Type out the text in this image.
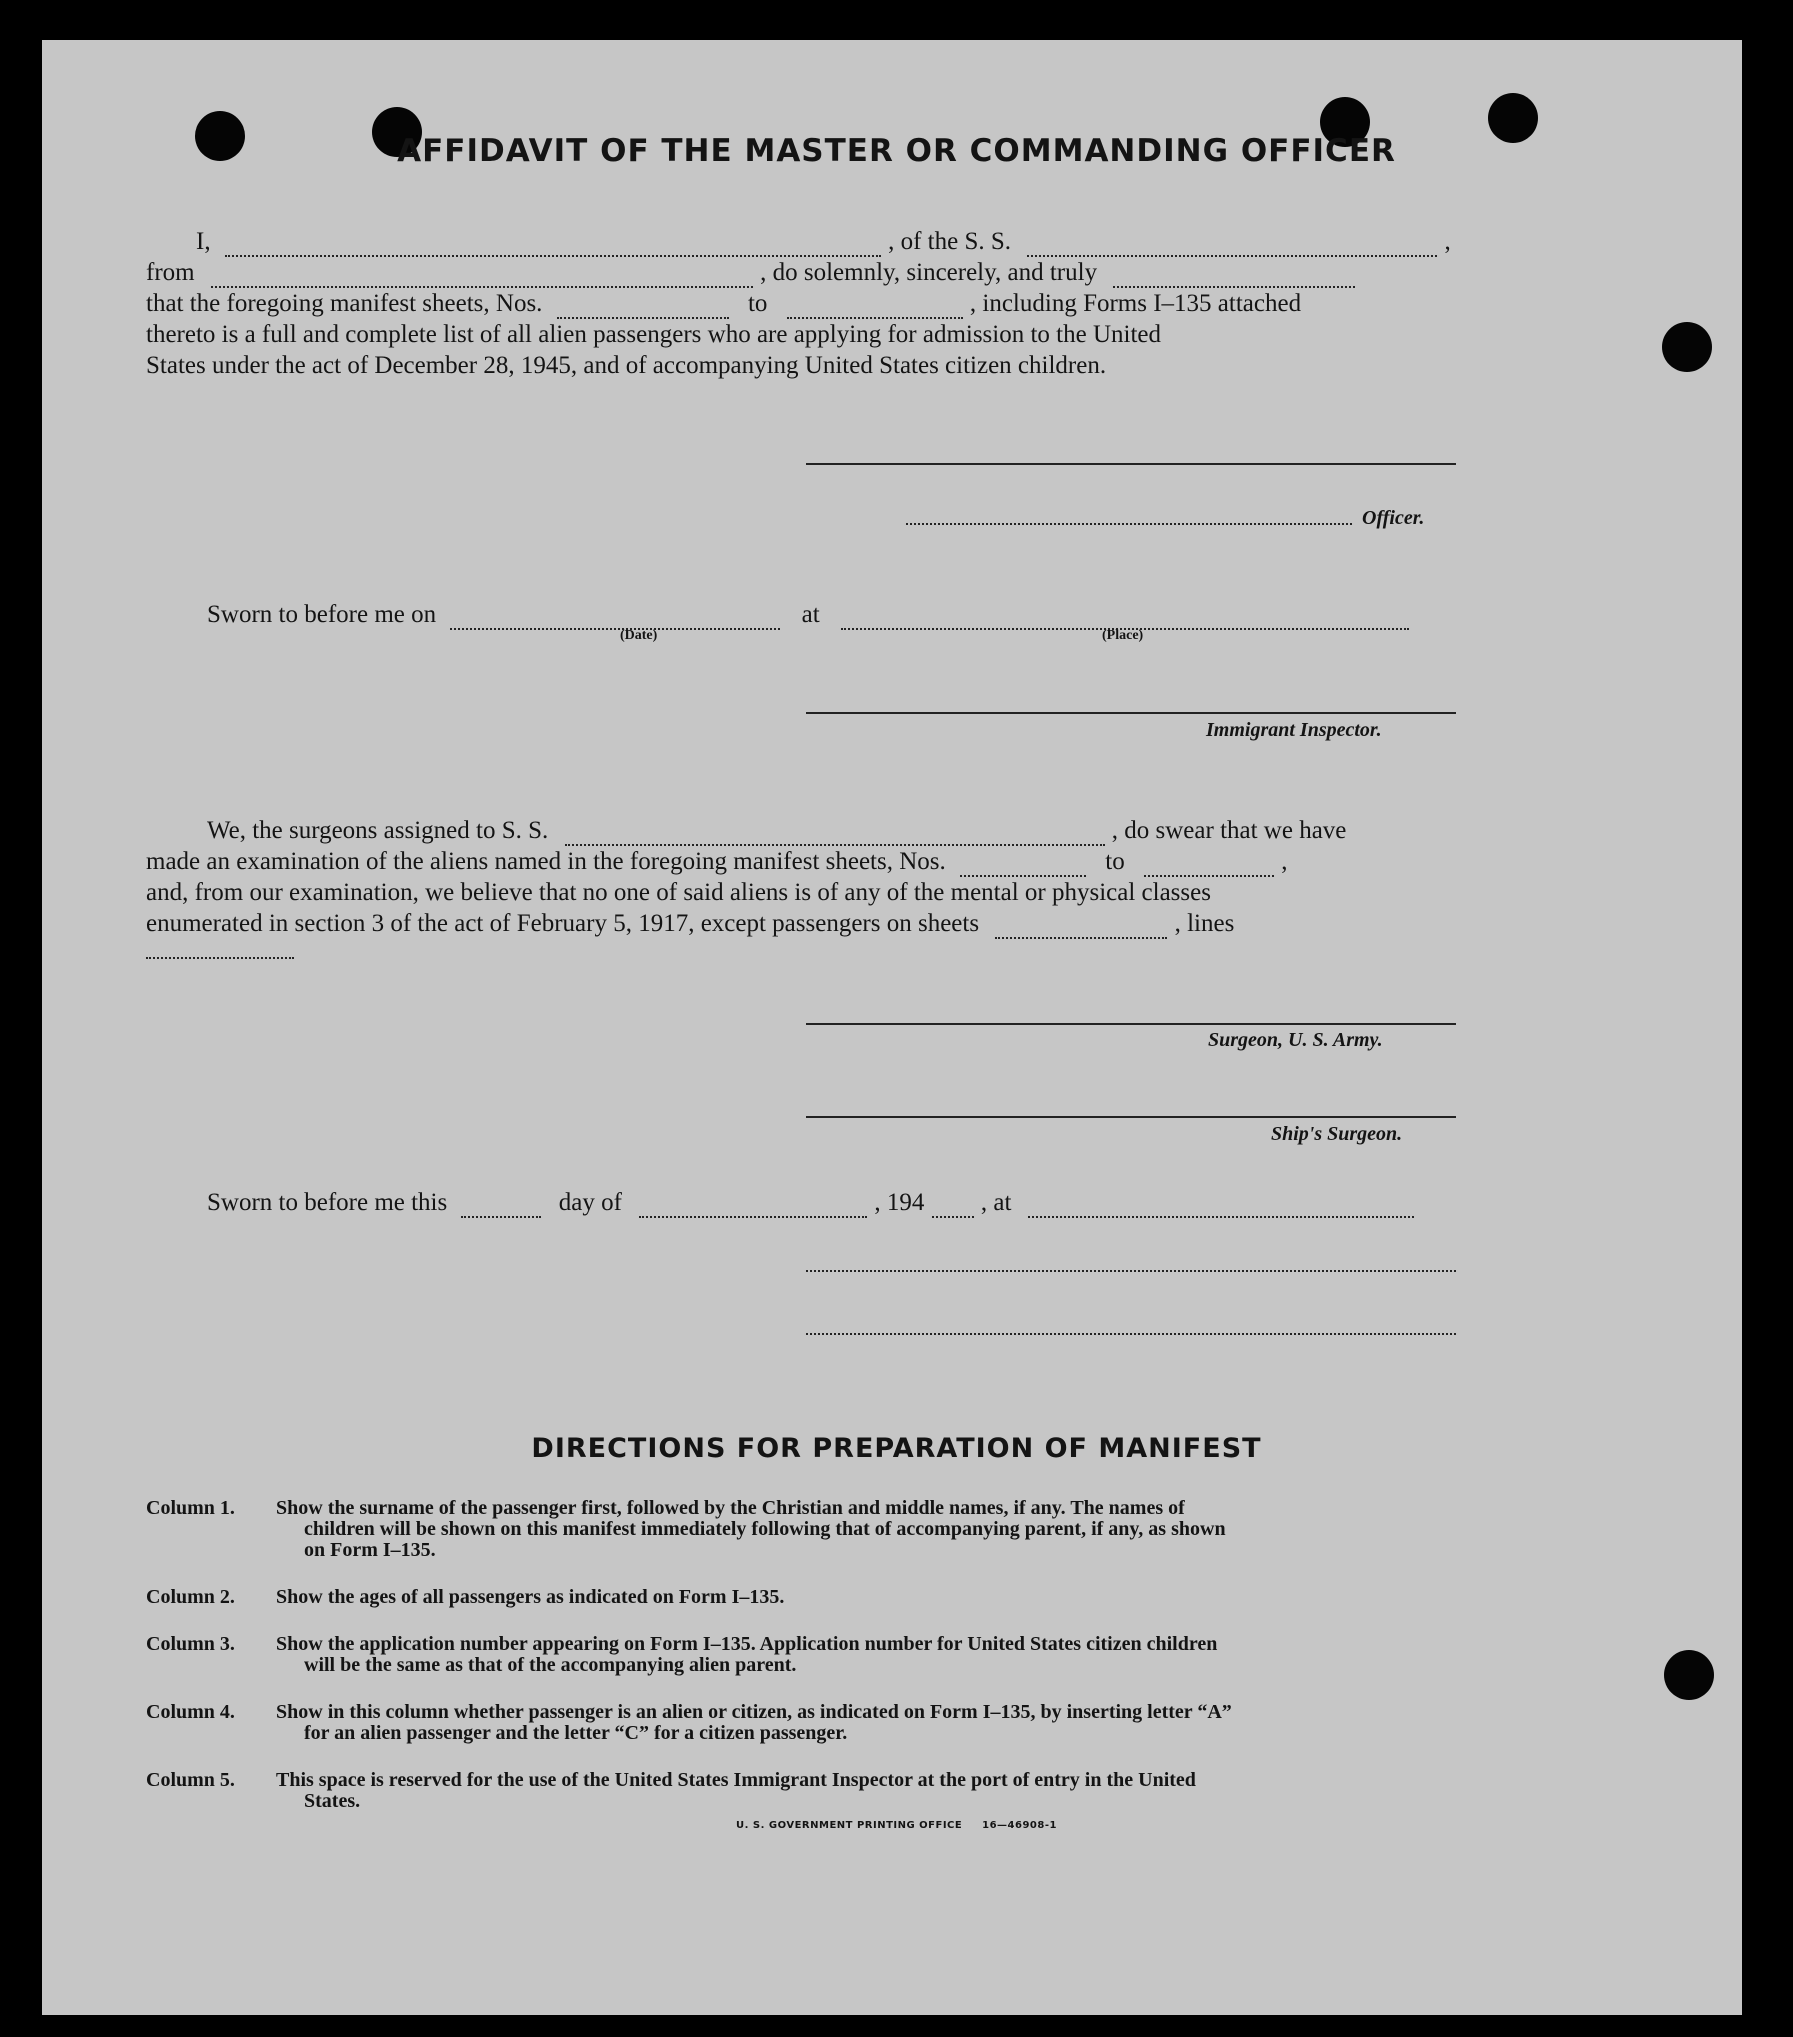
AFFIDAVIT OF THE MASTER OR COMMANDING OFFICER
I,	, of the S. S.	,
from	, do solemnly, sincerely, and truly
that the foregoing manifest sheets, Nos.	to	, including Forms I–135 attached
thereto is a full and complete list of all alien passengers who are applying for admission to the United
States under the act of December 28, 1945, and of accompanying United States citizen children.
Officer.
Sworn to before me on	at
(Date)	(Place)
Immigrant Inspector.
We, the surgeons assigned to S. S.	, do swear that we have
made an examination of the aliens named in the foregoing manifest sheets, Nos.	to	,
and, from our examination, we believe that no one of said aliens is of any of the mental or physical classes
enumerated in section 3 of the act of February 5, 1917, except passengers on sheets	, lines
Surgeon, U. S. Army.
Ship's Surgeon.
Sworn to before me this	day of	, 194 , at
DIRECTIONS FOR PREPARATION OF MANIFEST
Column 1. Show the surname of the passenger first, followed by the Christian and middle names, if any. The names of
children will be shown on this manifest immediately following that of accompanying parent, if any, as shown
on Form I–135.
Column 2. Show the ages of all passengers as indicated on Form I–135.
Column 3. Show the application number appearing on Form I–135. Application number for United States citizen children
will be the same as that of the accompanying alien parent.
Column 4. Show in this column whether passenger is an alien or citizen, as indicated on Form I–135, by inserting letter “A”
for an alien passenger and the letter “C” for a citizen passenger.
Column 5. This space is reserved for the use of the United States Immigrant Inspector at the port of entry in the United
States.
U. S. GOVERNMENT PRINTING OFFICE     16—46908-1
